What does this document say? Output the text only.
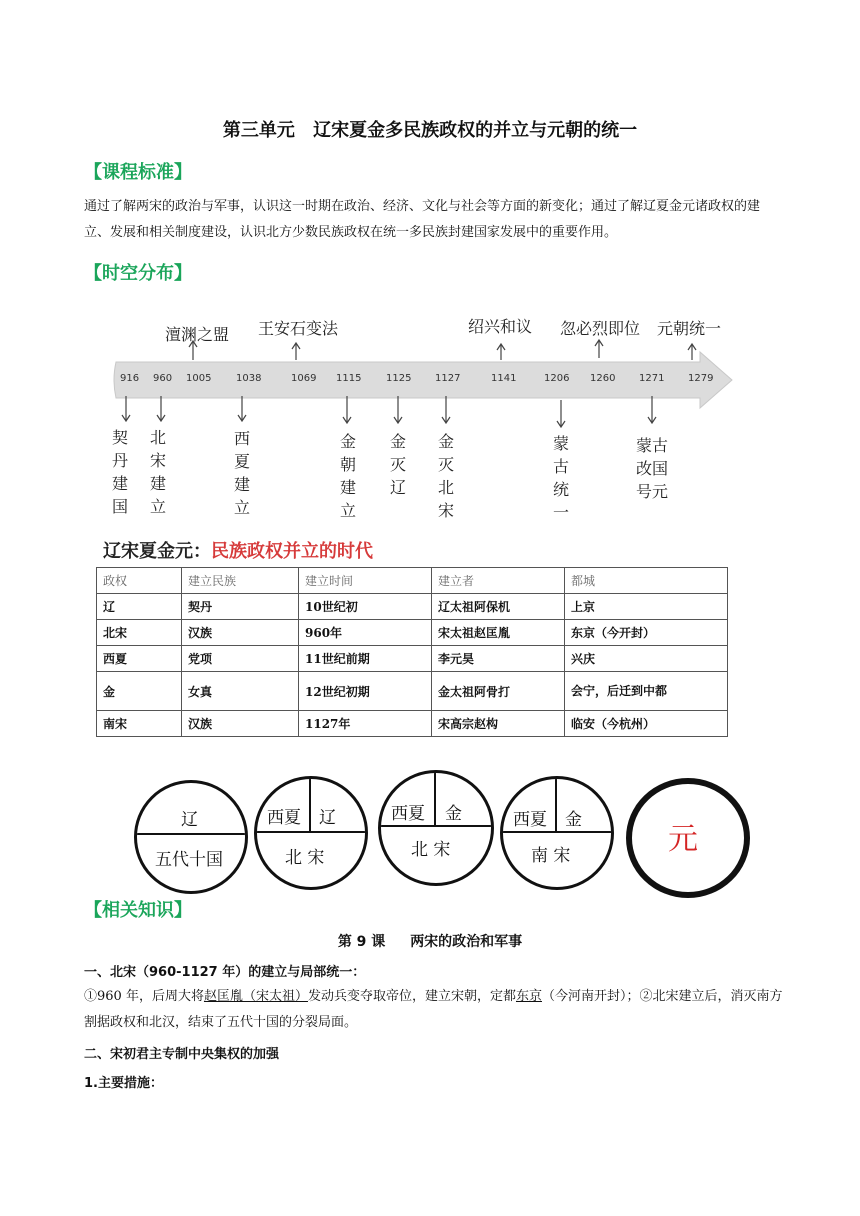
第三单元 辽宋夏金多民族政权的并立与元朝的统一
【课程标准】
通过了解两宋的政治与军事，认识这一时期在政治、经济、文化与社会等方面的新变化；通过了解辽夏金元诸政权的建立、发展和相关制度建设，认识北方少数民族政权在统一多民族封建国家发展中的重要作用。
【时空分布】
916 960 1005 1038	1069 1115 1125 1127	1141	1206 1260 1271 1279
澶渊之盟 王安石变法	绍兴和议 忽必烈即位 元朝统一
契
丹
建
国
北
宋
建
立
西
夏
建
立
金
朝
建
立
金
灭
辽
金
灭
北
宋
蒙
古
统
一
蒙古
改国
号元
辽宋夏金元：民族政权并立的时代
政权	建立民族	建立时间	建立者	都城
辽	契丹	10世纪初	辽太祖阿保机	上京
北宋	汉族	960年	宋太祖赵匡胤	东京（今开封）
西夏	党项	11世纪前期	李元昊	兴庆
金	女真	12世纪初期	金太祖阿骨打	会宁，后迁到中都
南宋	汉族	1127年	宋高宗赵构	临安（今杭州）
辽
五代十国
西夏 辽
北 宋
西夏 金
北 宋
西夏 金
南 宋	元
【相关知识】
第 9 课 两宋的政治和军事
一、北宋（960-1127 年）的建立与局部统一：
①960 年，后周大将赵匡胤（宋太祖）发动兵变夺取帝位，建立宋朝，定都东京（今河南开封）；②北宋建立后，消灭南方割据政权和北汉，结束了五代十国的分裂局面。
二、宋初君主专制中央集权的加强
1.主要措施：
